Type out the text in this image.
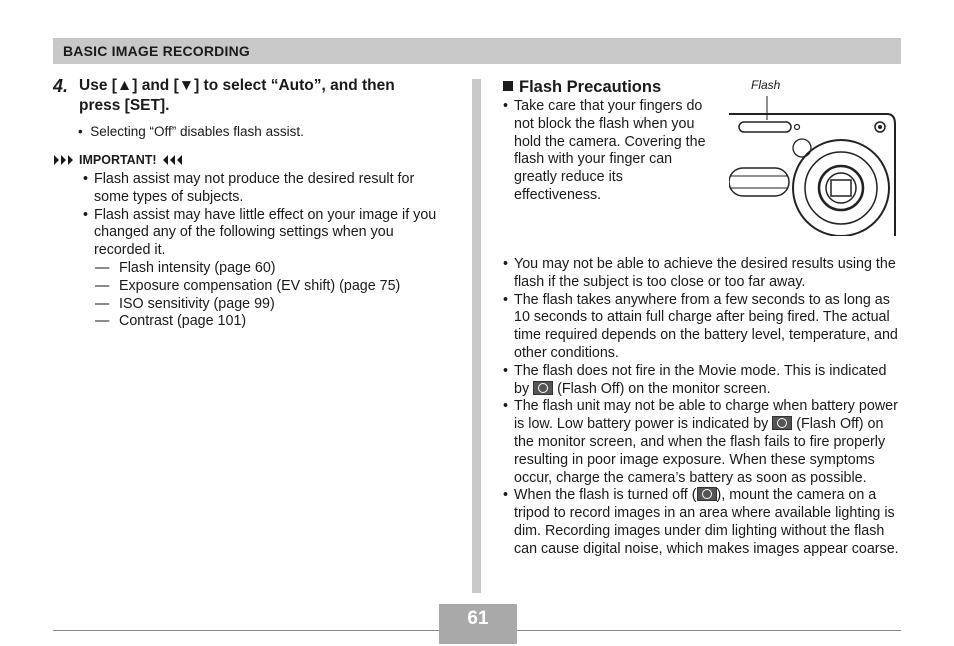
BASIC IMAGE RECORDING
4. Use [▲] and [▼] to select “Auto”, and then
press [SET].
•  Selecting “Off” disables flash assist.
IMPORTANT!
• Flash assist may not produce the desired result for some types of subjects.
• Flash assist may have little effect on your image if you changed any of the following settings when you recorded it.
— Flash intensity (page 60)
— Exposure compensation (EV shift) (page 75)
— ISO sensitivity (page 99)
— Contrast (page 101)
Flash Precautions
• Take care that your fingers do not block the flash when you hold the camera. Covering the flash with your finger can greatly reduce its effectiveness.
• You may not be able to achieve the desired results using the flash if the subject is too close or too far away.
• The flash takes anywhere from a few seconds to as long as 10 seconds to attain full charge after being fired. The actual time required depends on the battery level, temperature, and other conditions.
• The flash does not fire in the Movie mode. This is indicated by (Flash Off) on the monitor screen.
• The flash unit may not be able to charge when battery power is low. Low battery power is indicated by (Flash Off) on the monitor screen, and when the flash fails to fire properly resulting in poor image exposure. When these symptoms occur, charge the camera’s battery as soon as possible.
• When the flash is turned off ( ), mount the camera on a tripod to record images in an area where available lighting is dim. Recording images under dim lighting without the flash can cause digital noise, which makes images appear coarse.
Flash
61
